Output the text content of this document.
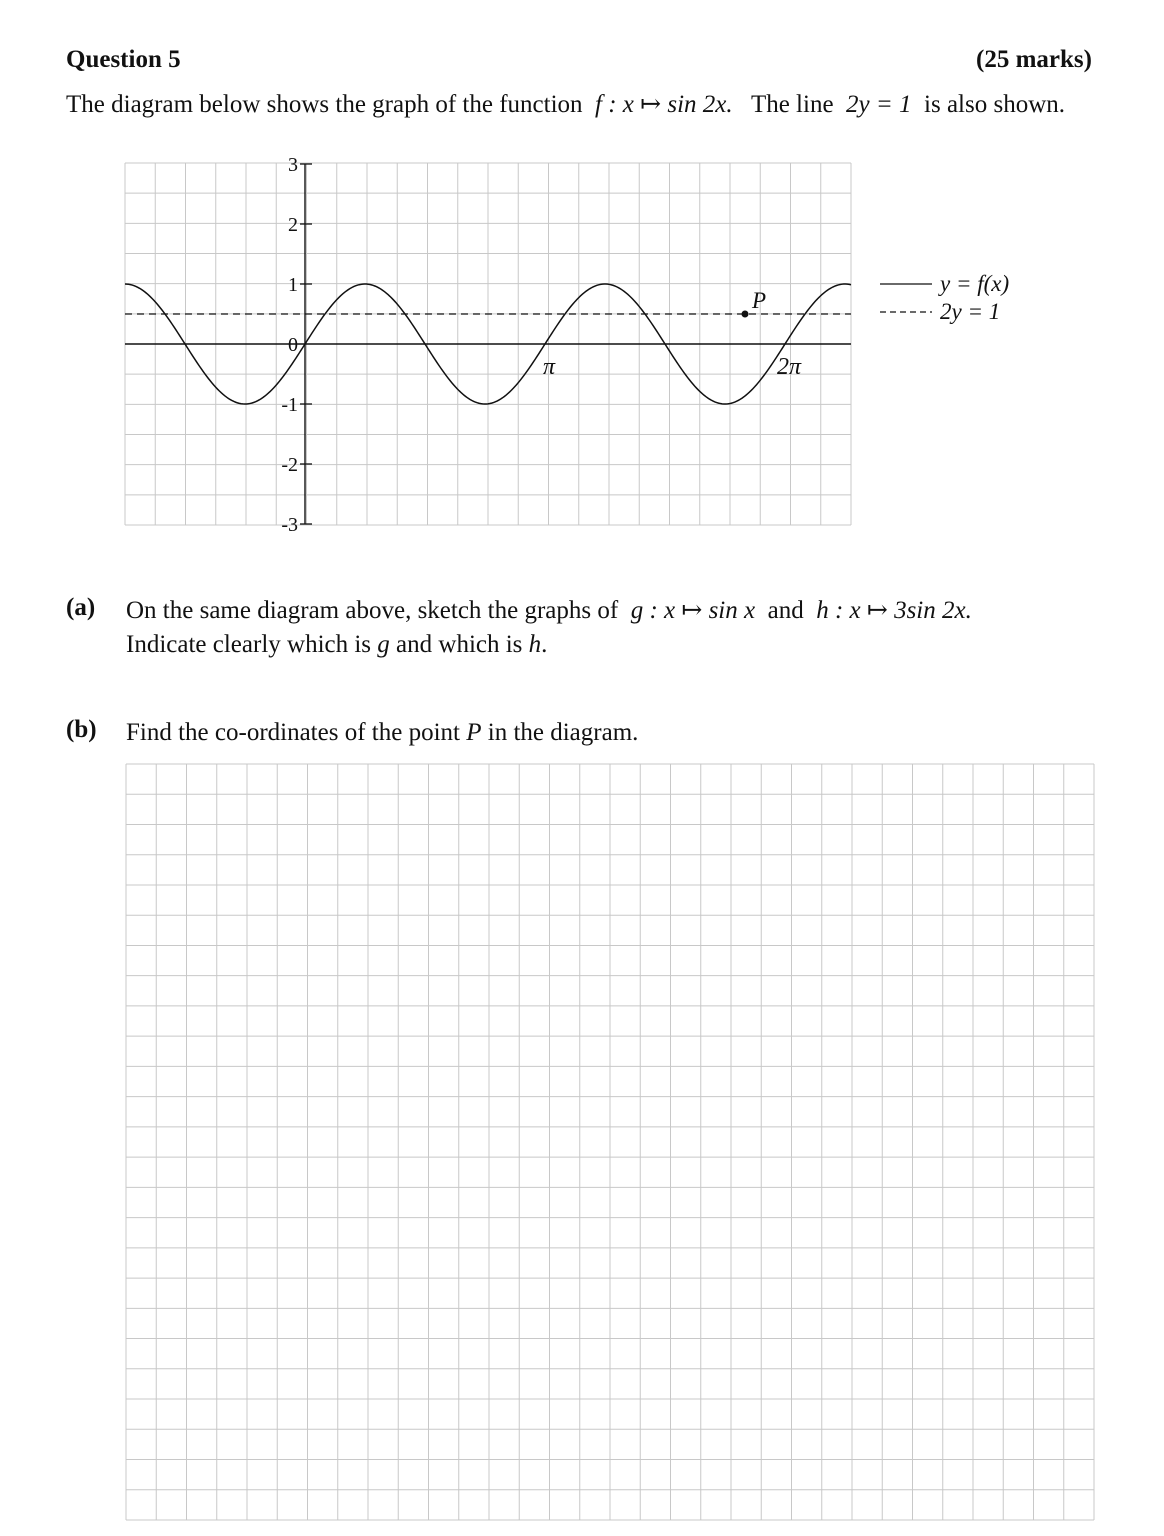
Question 5	(25 marks)
The diagram below shows the graph of the function f : x ↦ sin 2x. The line 2y = 1 is also shown.
3
2
1
0
-1
-2
-3
π	2π
P
y = f(x)
2y = 1
(a) On the same diagram above, sketch the graphs of g : x ↦ sin x and h : x ↦ 3sin 2x.
Indicate clearly which is g and which is h.
(b) Find the co-ordinates of the point P in the diagram.
